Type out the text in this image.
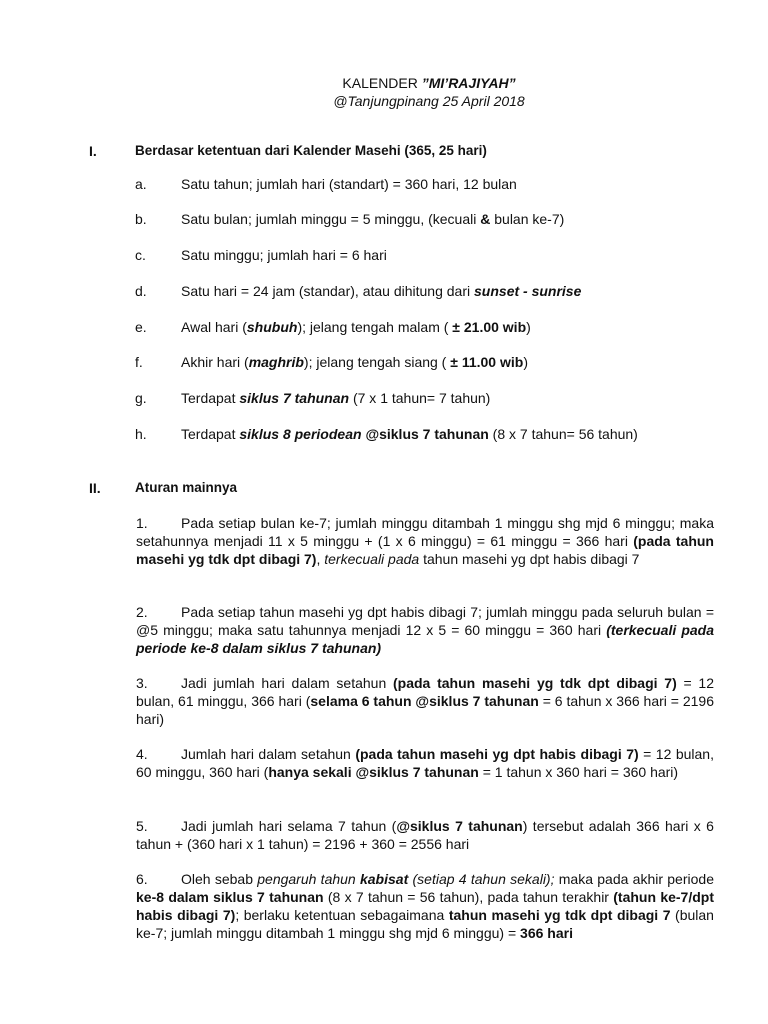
KALENDER ”MI’RAJIYAH”
@Tanjungpinang 25 April 2018
I.	Berdasar ketentuan dari Kalender Masehi (365, 25 hari)
a. Satu tahun; jumlah hari (standart) = 360 hari, 12 bulan
b. Satu bulan; jumlah minggu = 5 minggu, (kecuali & bulan ke-7)
c.	Satu minggu; jumlah hari = 6 hari
d. Satu hari = 24 jam (standar), atau dihitung dari sunset - sunrise
e. Awal hari (shubuh); jelang tengah malam ( ± 21.00 wib)
f.	Akhir hari (maghrib); jelang tengah siang ( ± 11.00 wib)
g. Terdapat siklus 7 tahunan (7 x 1 tahun= 7 tahun)
h. Terdapat siklus 8 periodean @siklus 7 tahunan (8 x 7 tahun= 56 tahun)
II.	Aturan mainnya
1. Pada setiap bulan ke-7; jumlah minggu ditambah 1 minggu shg mjd 6 minggu; maka setahunnya menjadi 11 x 5 minggu + (1 x 6 minggu) = 61 minggu = 366 hari (pada tahun masehi yg tdk dpt dibagi 7), terkecuali pada tahun masehi yg dpt habis dibagi 7
2. Pada setiap tahun masehi yg dpt habis dibagi 7; jumlah minggu pada seluruh bulan = @5 minggu; maka satu tahunnya menjadi 12 x 5 = 60 minggu = 360 hari (terkecuali pada periode ke-8 dalam siklus 7 tahunan)
3. Jadi jumlah hari dalam setahun (pada tahun masehi yg tdk dpt dibagi 7) = 12 bulan, 61 minggu, 366 hari (selama 6 tahun @siklus 7 tahunan = 6 tahun x 366 hari = 2196 hari)
4. Jumlah hari dalam setahun (pada tahun masehi yg dpt habis dibagi 7) = 12 bulan, 60 minggu, 360 hari (hanya sekali @siklus 7 tahunan = 1 tahun x 360 hari = 360 hari)
5. Jadi jumlah hari selama 7 tahun (@siklus 7 tahunan) tersebut adalah 366 hari x 6 tahun + (360 hari x 1 tahun) = 2196 + 360 = 2556 hari
6. Oleh sebab pengaruh tahun kabisat (setiap 4 tahun sekali); maka pada akhir periode ke-8 dalam siklus 7 tahunan (8 x 7 tahun = 56 tahun), pada tahun terakhir (tahun ke-7/dpt habis dibagi 7); berlaku ketentuan sebagaimana tahun masehi yg tdk dpt dibagi 7 (bulan ke-7; jumlah minggu ditambah 1 minggu shg mjd 6 minggu) = 366 hari
